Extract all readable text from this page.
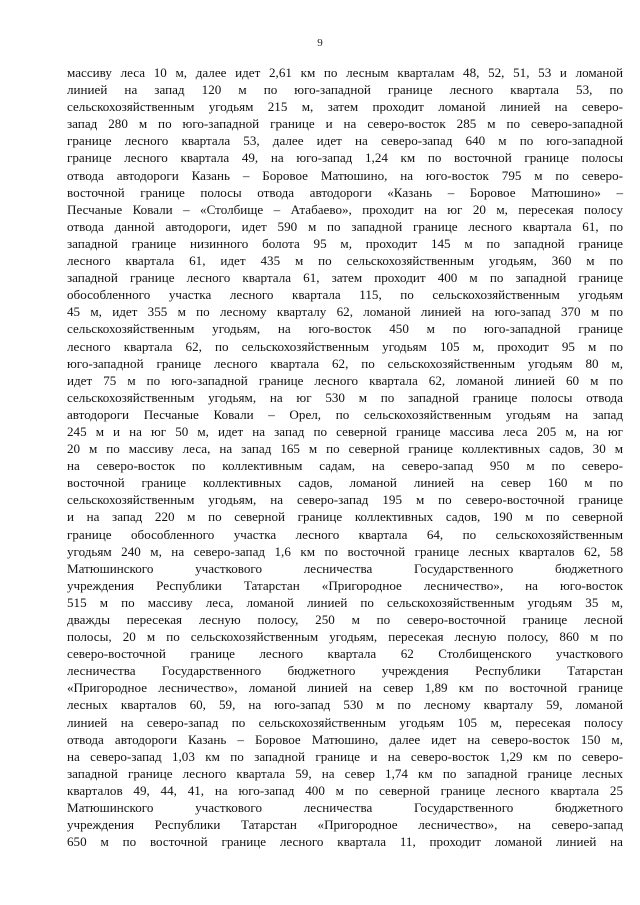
9
массиву леса 10 м, далее идет 2,61 км по лесным кварталам 48, 52, 51, 53 и ломаной
линией на запад 120 м по юго-западной границе лесного квартала 53, по
сельскохозяйственным угодьям 215 м, затем проходит ломаной линией на северо-
запад 280 м по юго-западной границе и на северо-восток 285 м по северо-западной
границе лесного квартала 53, далее идет на северо-запад 640 м по юго-западной
границе лесного квартала 49, на юго-запад 1,24 км по восточной границе полосы
отвода автодороги Казань – Боровое Матюшино, на юго-восток 795 м по северо-
восточной границе полосы отвода автодороги «Казань – Боровое Матюшино» –
Песчаные Ковали – «Столбище – Атабаево», проходит на юг 20 м, пересекая полосу
отвода данной автодороги, идет 590 м по западной границе лесного квартала 61, по
западной границе низинного болота 95 м, проходит 145 м по западной границе
лесного квартала 61, идет 435 м по сельскохозяйственным угодьям, 360 м по
западной границе лесного квартала 61, затем проходит 400 м по западной границе
обособленного участка лесного квартала 115, по сельскохозяйственным угодьям
45 м, идет 355 м по лесному кварталу 62, ломаной линией на юго-запад 370 м по
сельскохозяйственным угодьям, на юго-восток 450 м по юго-западной границе
лесного квартала 62, по сельскохозяйственным угодьям 105 м, проходит 95 м по
юго-западной границе лесного квартала 62, по сельскохозяйственным угодьям 80 м,
идет 75 м по юго-западной границе лесного квартала 62, ломаной линией 60 м по
сельскохозяйственным угодьям, на юг 530 м по западной границе полосы отвода
автодороги Песчаные Ковали – Орел, по сельскохозяйственным угодьям на запад
245 м и на юг 50 м, идет на запад по северной границе массива леса 205 м, на юг
20 м по массиву леса, на запад 165 м по северной границе коллективных садов, 30 м
на северо-восток по коллективным садам, на северо-запад 950 м по северо-
восточной границе коллективных садов, ломаной линией на север 160 м по
сельскохозяйственным угодьям, на северо-запад 195 м по северо-восточной границе
и на запад 220 м по северной границе коллективных садов, 190 м по северной
границе обособленного участка лесного квартала 64, по сельскохозяйственным
угодьям 240 м, на северо-запад 1,6 км по восточной границе лесных кварталов 62, 58
Матюшинского участкового лесничества Государственного бюджетного
учреждения Республики Татарстан «Пригородное лесничество», на юго-восток
515 м по массиву леса, ломаной линией по сельскохозяйственным угодьям 35 м,
дважды пересекая лесную полосу, 250 м по северо-восточной границе лесной
полосы, 20 м по сельскохозяйственным угодьям, пересекая лесную полосу, 860 м по
северо-восточной границе лесного квартала 62 Столбищенского участкового
лесничества Государственного бюджетного учреждения Республики Татарстан
«Пригородное лесничество», ломаной линией на север 1,89 км по восточной границе
лесных кварталов 60, 59, на юго-запад 530 м по лесному кварталу 59, ломаной
линией на северо-запад по сельскохозяйственным угодьям 105 м, пересекая полосу
отвода автодороги Казань – Боровое Матюшино, далее идет на северо-восток 150 м,
на северо-запад 1,03 км по западной границе и на северо-восток 1,29 км по северо-
западной границе лесного квартала 59, на север 1,74 км по западной границе лесных
кварталов 49, 44, 41, на юго-запад 400 м по северной границе лесного квартала 25
Матюшинского участкового лесничества Государственного бюджетного
учреждения Республики Татарстан «Пригородное лесничество», на северо-запад
650 м по восточной границе лесного квартала 11, проходит ломаной линией на
